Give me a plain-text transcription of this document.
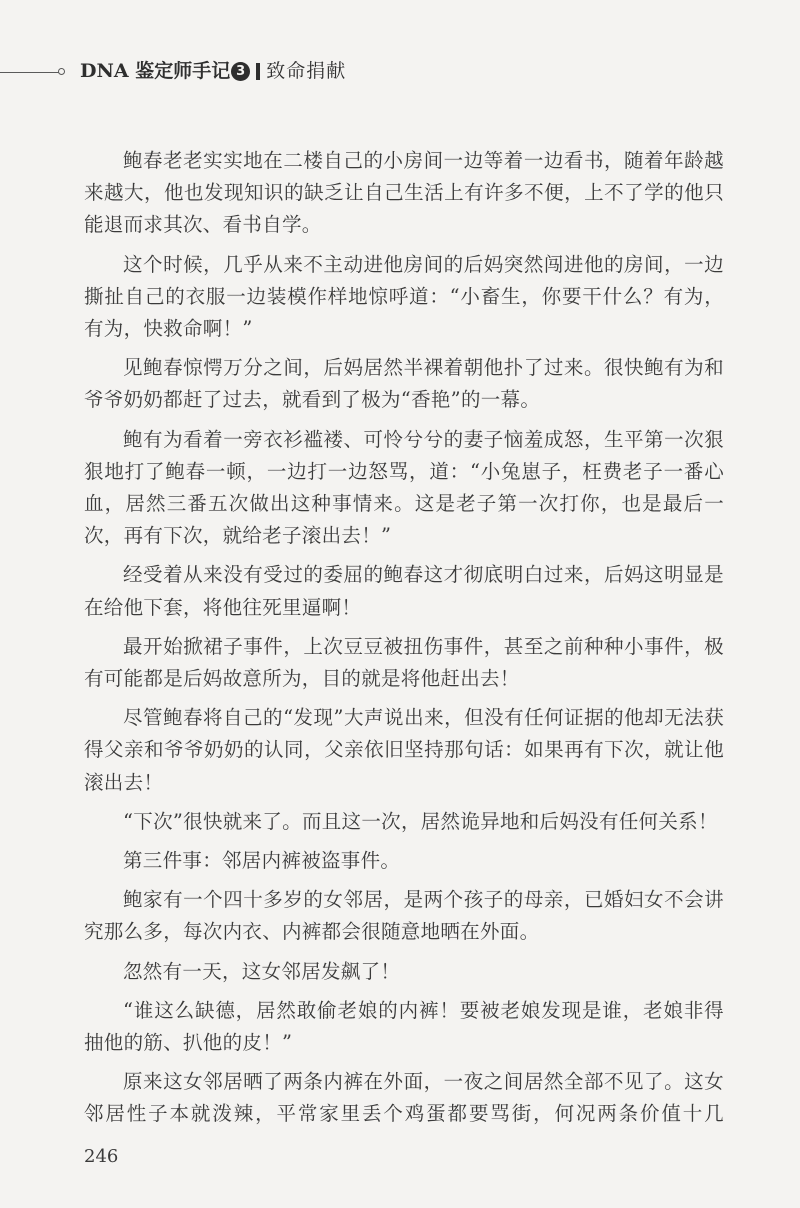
DNA 鉴定师手记 3 致命捐献

鲍春老老实实地在二楼自己的小房间一边等着一边看书，随着年龄越来越大，他也发现知识的缺乏让自己生活上有许多不便，上不了学的他只能退而求其次、看书自学。

这个时候，几乎从来不主动进他房间的后妈突然闯进他的房间，一边撕扯自己的衣服一边装模作样地惊呼道：“小畜生，你要干什么？有为，有为，快救命啊！”

见鲍春惊愕万分之间，后妈居然半裸着朝他扑了过来。很快鲍有为和爷爷奶奶都赶了过去，就看到了极为“香艳”的一幕。

鲍有为看着一旁衣衫褴褛、可怜兮兮的妻子恼羞成怒，生平第一次狠狠地打了鲍春一顿，一边打一边怒骂，道：“小兔崽子，枉费老子一番心血，居然三番五次做出这种事情来。这是老子第一次打你，也是最后一次，再有下次，就给老子滚出去！”

经受着从来没有受过的委屈的鲍春这才彻底明白过来，后妈这明显是在给他下套，将他往死里逼啊！

最开始掀裙子事件，上次豆豆被扭伤事件，甚至之前种种小事件，极有可能都是后妈故意所为，目的就是将他赶出去！

尽管鲍春将自己的“发现”大声说出来，但没有任何证据的他却无法获得父亲和爷爷奶奶的认同，父亲依旧坚持那句话：如果再有下次，就让他滚出去！

“下次”很快就来了。而且这一次，居然诡异地和后妈没有任何关系！

第三件事：邻居内裤被盗事件。

鲍家有一个四十多岁的女邻居，是两个孩子的母亲，已婚妇女不会讲究那么多，每次内衣、内裤都会很随意地晒在外面。

忽然有一天，这女邻居发飙了！

“谁这么缺德，居然敢偷老娘的内裤！要被老娘发现是谁，老娘非得抽他的筋、扒他的皮！”

原来这女邻居晒了两条内裤在外面，一夜之间居然全部不见了。这女邻居性子本就泼辣，平常家里丢个鸡蛋都要骂街，何况两条价值十几

246
